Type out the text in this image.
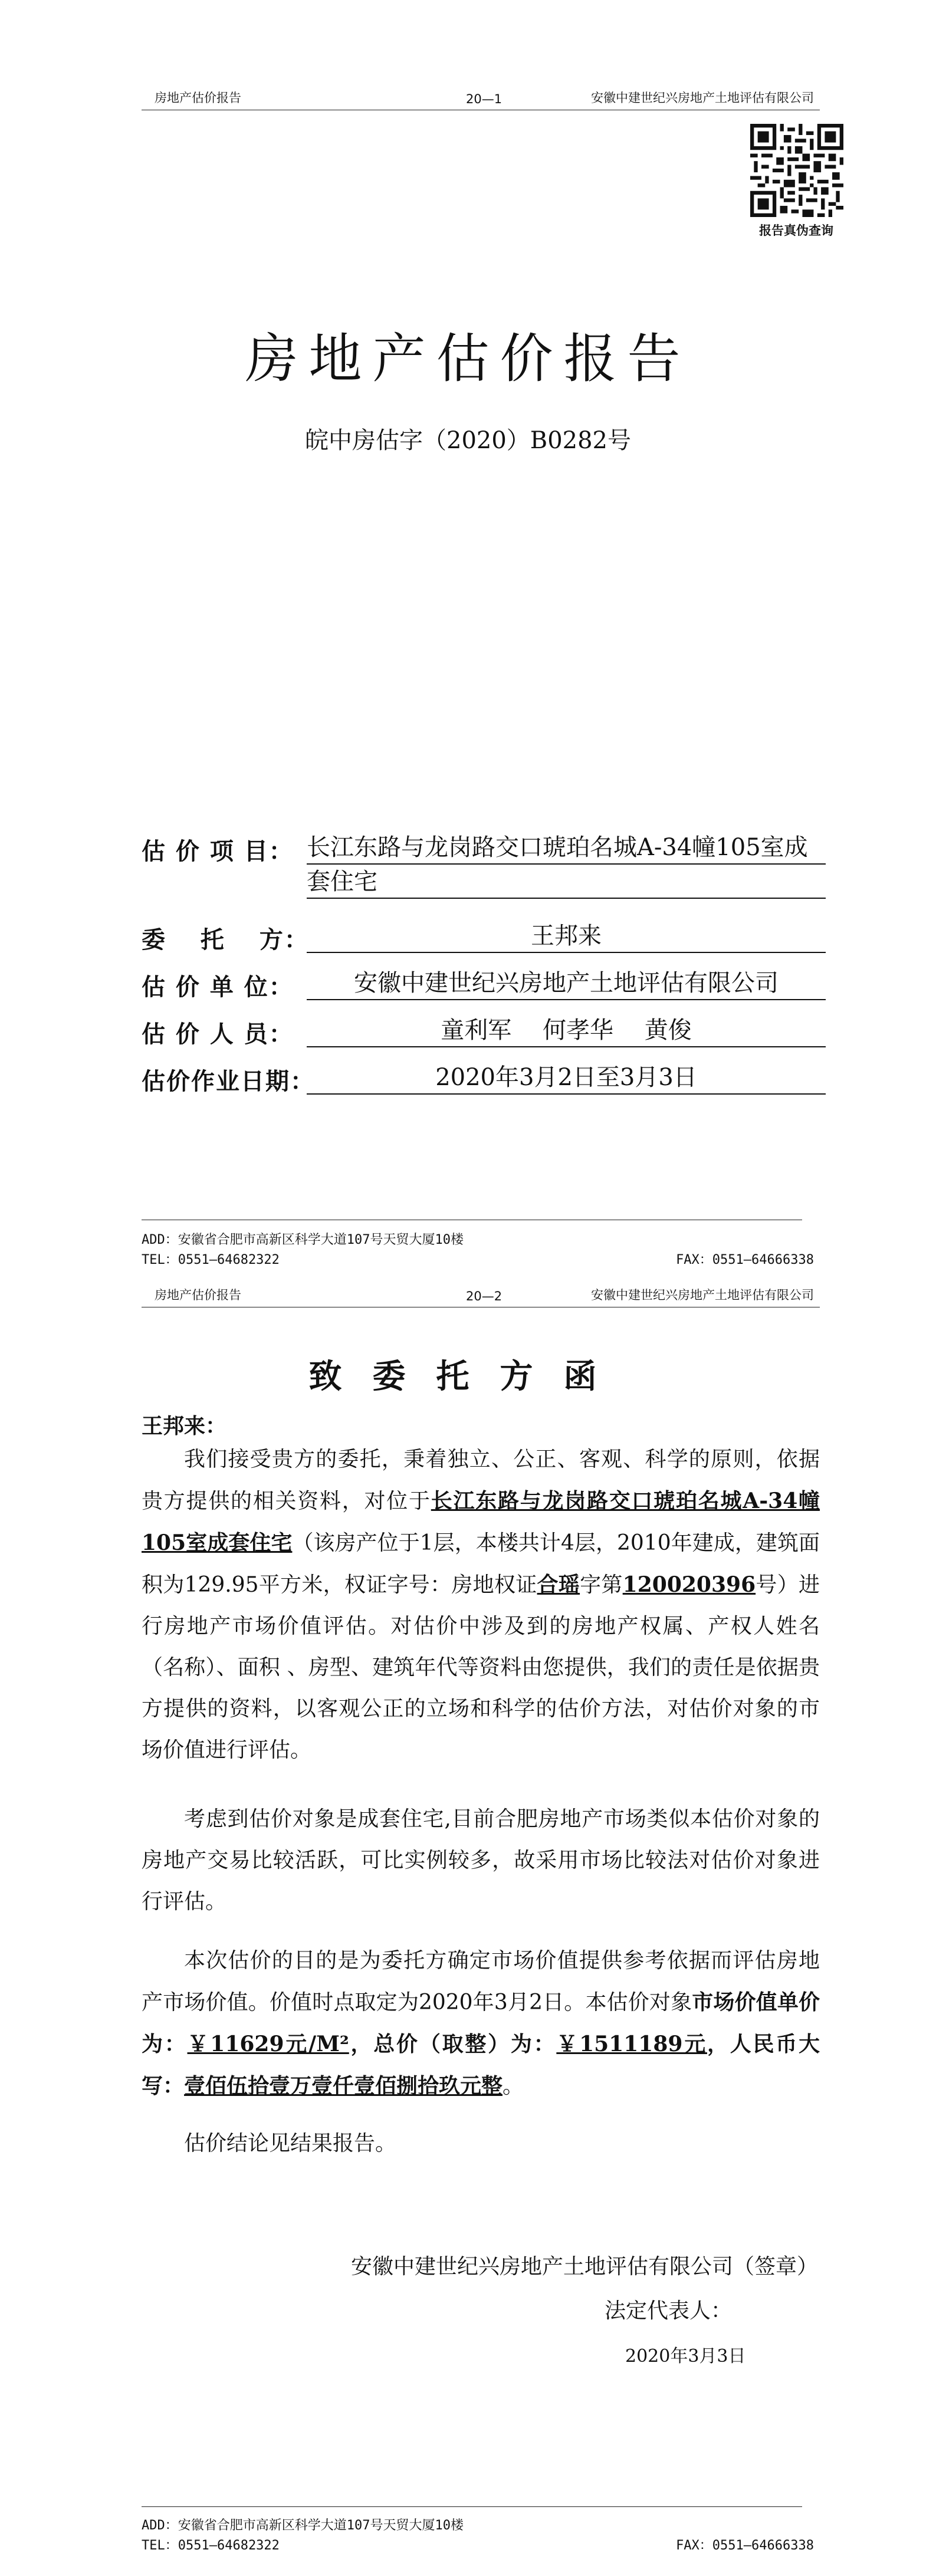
房地产估价报告	20—1	安徽中建世纪兴房地产土地评估有限公司
报告真伪查询
房地产估价报告
皖中房估字（2020）B0282号
估 价 项 目： 长江东路与龙岗路交口琥珀名城A-34幢105室成
套住宅
委　 托　 方：	王邦来
估 价 单 位：	安徽中建世纪兴房地产土地评估有限公司
估 价 人 员：	童利军　 何孝华　 黄俊
估价作业日期：	2020年3月2日至3月3日
ADD：安徽省合肥市高新区科学大道107号天贸大厦10楼
TEL：0551—64682322	FAX：0551—64666338
房地产估价报告	20—2	安徽中建世纪兴房地产土地评估有限公司
致委托方函
王邦来：
我们接受贵方的委托，秉着独立、公正、客观、科学的原则，依据贵方提供的相关资料，对位于长江东路与龙岗路交口琥珀名城A-34幢105室成套住宅（该房产位于1层，本楼共计4层，2010年建成，建筑面积为129.95平方米，权证字号：房地权证合瑶字第120020396号）进行房地产市场价值评估。对估价中涉及到的房地产权属、产权人姓名（名称）、面积 、房型、建筑年代等资料由您提供，我们的责任是依据贵方提供的资料，以客观公正的立场和科学的估价方法，对估价对象的市场价值进行评估。
考虑到估价对象是成套住宅,目前合肥房地产市场类似本估价对象的房地产交易比较活跃，可比实例较多，故采用市场比较法对估价对象进行评估。
本次估价的目的是为委托方确定市场价值提供参考依据而评估房地产市场价值。价值时点取定为2020年3月2日。本估价对象市场价值单价为：￥11629元/M²，总价（取整）为：￥1511189元，人民币大写：壹佰伍拾壹万壹仟壹佰捌拾玖元整。
估价结论见结果报告。
安徽中建世纪兴房地产土地评估有限公司（签章）
法定代表人：
2020年3月3日
ADD：安徽省合肥市高新区科学大道107号天贸大厦10楼
TEL：0551—64682322	FAX：0551—64666338
